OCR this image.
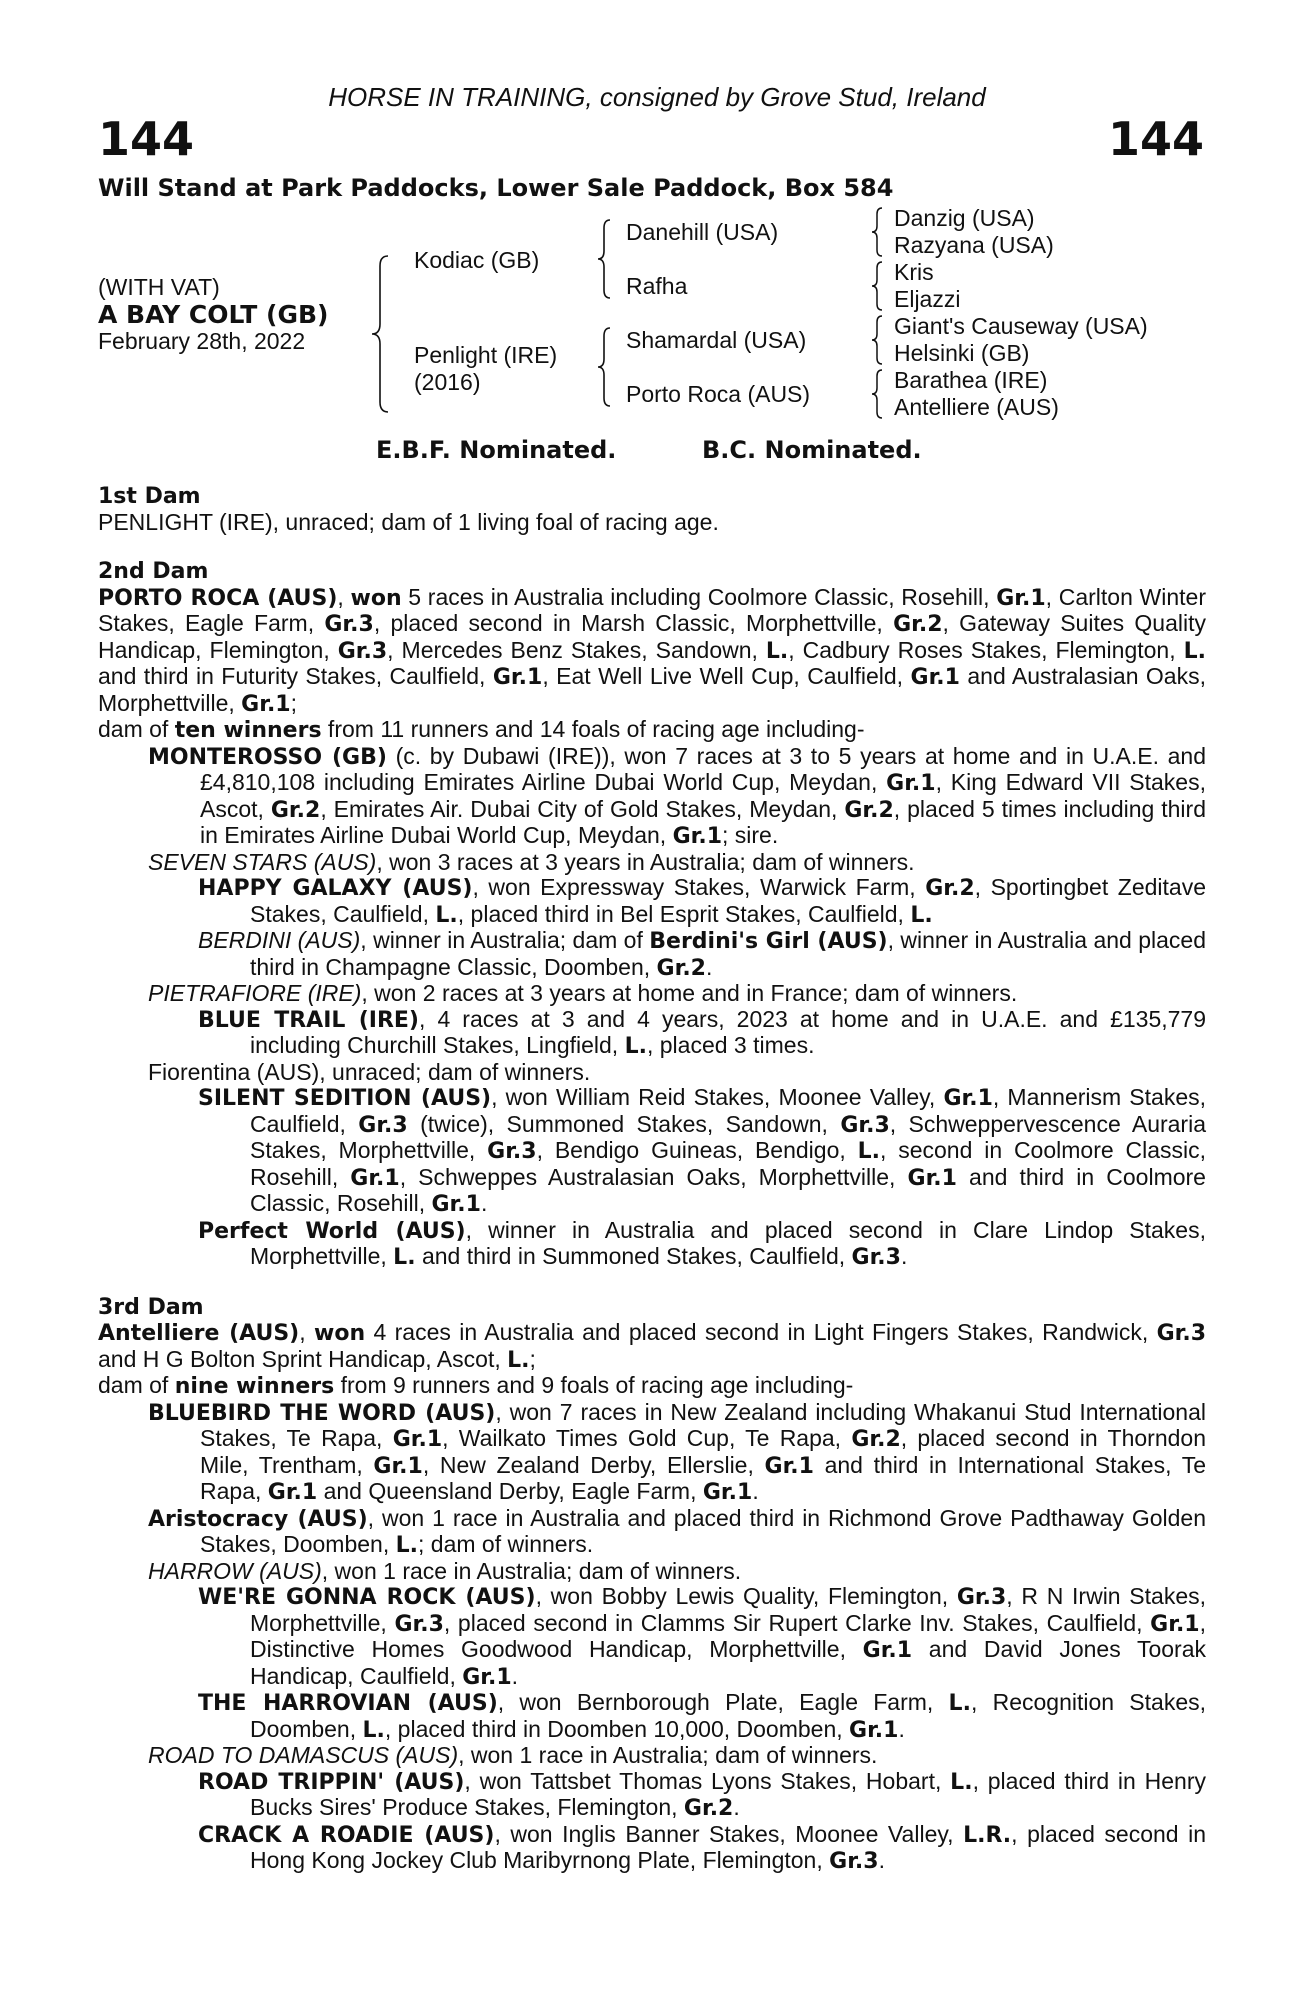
HORSE IN TRAINING, consigned by Grove Stud, Ireland
144	144
Will Stand at Park Paddocks, Lower Sale Paddock, Box 584
(WITH VAT)
A BAY COLT (GB)
February 28th, 2022
Kodiac (GB)
Penlight (IRE)
(2016)
Danehill (USA)
Rafha
Shamardal (USA)
Porto Roca (AUS)
Danzig (USA)
Razyana (USA)
Kris
Eljazzi
Giant's Causeway (USA)
Helsinki (GB)
Barathea (IRE)
Antelliere (AUS)
E.B.F. Nominated.	B.C. Nominated.

1st Dam

PENLIGHT (IRE), unraced; dam of 1 living foal of racing age.

2nd Dam

PORTO ROCA (AUS), won 5 races in Australia including Coolmore Classic, Rosehill, Gr.1, Carlton Winter Stakes, Eagle Farm, Gr.3, placed second in Marsh Classic, Morphettville, Gr.2, Gateway Suites Quality Handicap, Flemington, Gr.3, Mercedes Benz Stakes, Sandown, L., Cadbury Roses Stakes, Flemington, L. and third in Futurity Stakes, Caulfield, Gr.1, Eat Well Live Well Cup, Caulfield, Gr.1 and Australasian Oaks, Morphettville, Gr.1;

dam of ten winners from 11 runners and 14 foals of racing age including-

MONTEROSSO (GB) (c. by Dubawi (IRE)), won 7 races at 3 to 5 years at home and in U.A.E. and £4,810,108 including Emirates Airline Dubai World Cup, Meydan, Gr.1, King Edward VII Stakes, Ascot, Gr.2, Emirates Air. Dubai City of Gold Stakes, Meydan, Gr.2, placed 5 times including third in Emirates Airline Dubai World Cup, Meydan, Gr.1; sire.

SEVEN STARS (AUS), won 3 races at 3 years in Australia; dam of winners.

HAPPY GALAXY (AUS), won Expressway Stakes, Warwick Farm, Gr.2, Sportingbet Zeditave Stakes, Caulfield, L., placed third in Bel Esprit Stakes, Caulfield, L.

BERDINI (AUS), winner in Australia; dam of Berdini's Girl (AUS), winner in Australia and placed third in Champagne Classic, Doomben, Gr.2.

PIETRAFIORE (IRE), won 2 races at 3 years at home and in France; dam of winners.

BLUE TRAIL (IRE), 4 races at 3 and 4 years, 2023 at home and in U.A.E. and £135,779 including Churchill Stakes, Lingfield, L., placed 3 times.

Fiorentina (AUS), unraced; dam of winners.

SILENT SEDITION (AUS), won William Reid Stakes, Moonee Valley, Gr.1, Mannerism Stakes, Caulfield, Gr.3 (twice), Summoned Stakes, Sandown, Gr.3, Schweppervescence Auraria Stakes, Morphettville, Gr.3, Bendigo Guineas, Bendigo, L., second in Coolmore Classic, Rosehill, Gr.1, Schweppes Australasian Oaks, Morphettville, Gr.1 and third in Coolmore Classic, Rosehill, Gr.1.

Perfect World (AUS), winner in Australia and placed second in Clare Lindop Stakes, Morphettville, L. and third in Summoned Stakes, Caulfield, Gr.3.

3rd Dam

Antelliere (AUS), won 4 races in Australia and placed second in Light Fingers Stakes, Randwick, Gr.3 and H G Bolton Sprint Handicap, Ascot, L.;

dam of nine winners from 9 runners and 9 foals of racing age including-

BLUEBIRD THE WORD (AUS), won 7 races in New Zealand including Whakanui Stud International Stakes, Te Rapa, Gr.1, Wailkato Times Gold Cup, Te Rapa, Gr.2, placed second in Thorndon Mile, Trentham, Gr.1, New Zealand Derby, Ellerslie, Gr.1 and third in International Stakes, Te Rapa, Gr.1 and Queensland Derby, Eagle Farm, Gr.1.

Aristocracy (AUS), won 1 race in Australia and placed third in Richmond Grove Padthaway Golden Stakes, Doomben, L.; dam of winners.

HARROW (AUS), won 1 race in Australia; dam of winners.

WE'RE GONNA ROCK (AUS), won Bobby Lewis Quality, Flemington, Gr.3, R N Irwin Stakes, Morphettville, Gr.3, placed second in Clamms Sir Rupert Clarke Inv. Stakes, Caulfield, Gr.1, Distinctive Homes Goodwood Handicap, Morphettville, Gr.1 and David Jones Toorak Handicap, Caulfield, Gr.1.

THE HARROVIAN (AUS), won Bernborough Plate, Eagle Farm, L., Recognition Stakes, Doomben, L., placed third in Doomben 10,000, Doomben, Gr.1.

ROAD TO DAMASCUS (AUS), won 1 race in Australia; dam of winners.

ROAD TRIPPIN' (AUS), won Tattsbet Thomas Lyons Stakes, Hobart, L., placed third in Henry Bucks Sires' Produce Stakes, Flemington, Gr.2.

CRACK A ROADIE (AUS), won Inglis Banner Stakes, Moonee Valley, L.R., placed second in Hong Kong Jockey Club Maribyrnong Plate, Flemington, Gr.3.
